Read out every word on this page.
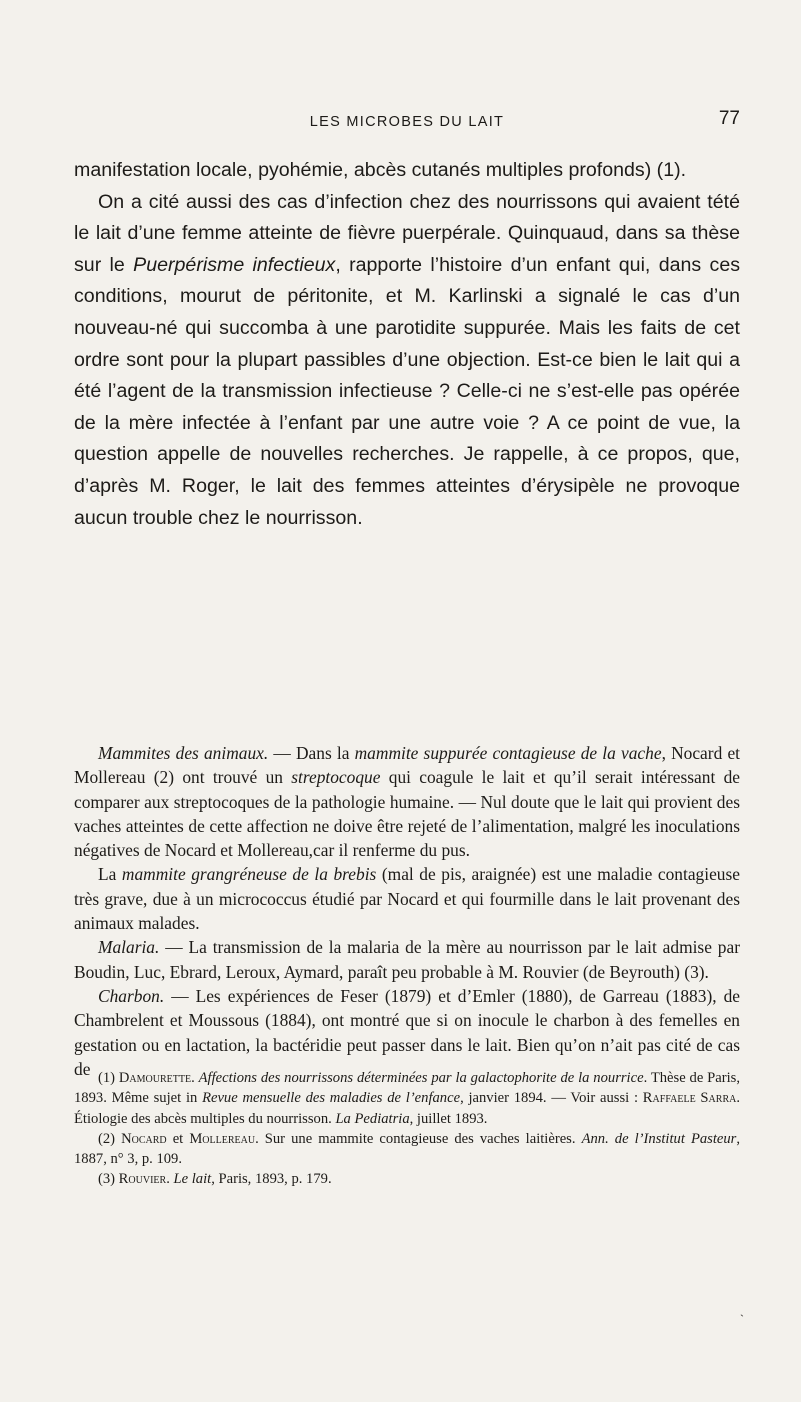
LES MICROBES DU LAIT	77

manifestation locale, pyohémie, abcès cutanés multiples profonds) (1).

On a cité aussi des cas d’infection chez des nourrissons qui avaient tété le lait d’une femme atteinte de fièvre puerpérale. Quinquaud, dans sa thèse sur le Puerpérisme infectieux, rapporte l’histoire d’un enfant qui, dans ces conditions, mourut de péritonite, et M. Karlinski a signalé le cas d’un nouveau-né qui succomba à une parotidite suppurée. Mais les faits de cet ordre sont pour la plupart passibles d’une objection. Est-ce bien le lait qui a été l’agent de la transmission infectieuse ? Celle-ci ne s’est-elle pas opérée de la mère infectée à l’enfant par une autre voie ? A ce point de vue, la question appelle de nouvelles recherches. Je rappelle, à ce propos, que, d’après M. Roger, le lait des femmes atteintes d’érysipèle ne provoque aucun trouble chez le nourrisson.

Mammites des animaux. — Dans la mammite suppurée contagieuse de la vache, Nocard et Mollereau (2) ont trouvé un streptocoque qui coagule le lait et qu’il serait intéressant de comparer aux streptocoques de la pathologie humaine. — Nul doute que le lait qui provient des vaches atteintes de cette affection ne doive être rejeté de l’alimentation, malgré les inoculations négatives de Nocard et Mollereau,car il renferme du pus.

La mammite grangréneuse de la brebis (mal de pis, araignée) est une maladie contagieuse très grave, due à un micrococcus étudié par Nocard et qui fourmille dans le lait provenant des animaux malades.

Malaria. — La transmission de la malaria de la mère au nourrisson par le lait admise par Boudin, Luc, Ebrard, Leroux, Aymard, paraît peu probable à M. Rouvier (de Beyrouth) (3).

Charbon. — Les expériences de Feser (1879) et d’Emler (1880), de Garreau (1883), de Chambrelent et Moussous (1884), ont montré que si on inocule le charbon à des femelles en gestation ou en lactation, la bactéridie peut passer dans le lait. Bien qu’on n’ait pas cité de cas de (1) Damourette. Affections des nourrissons déterminées par la galactophorite de la nourrice. Thèse de Paris, 1893. Même sujet in Revue mensuelle des maladies de l’enfance, janvier 1894. — Voir aussi : Raffaele Sarra. Étiologie des abcès multiples du nourrisson. La Pediatria, juillet 1893.

(2) Nocard et Mollereau. Sur une mammite contagieuse des vaches laitières. Ann. de l’Institut Pasteur, 1887, n° 3, p. 109.

(3) Rouvier. Le lait, Paris, 1893, p. 179.

ˎ
